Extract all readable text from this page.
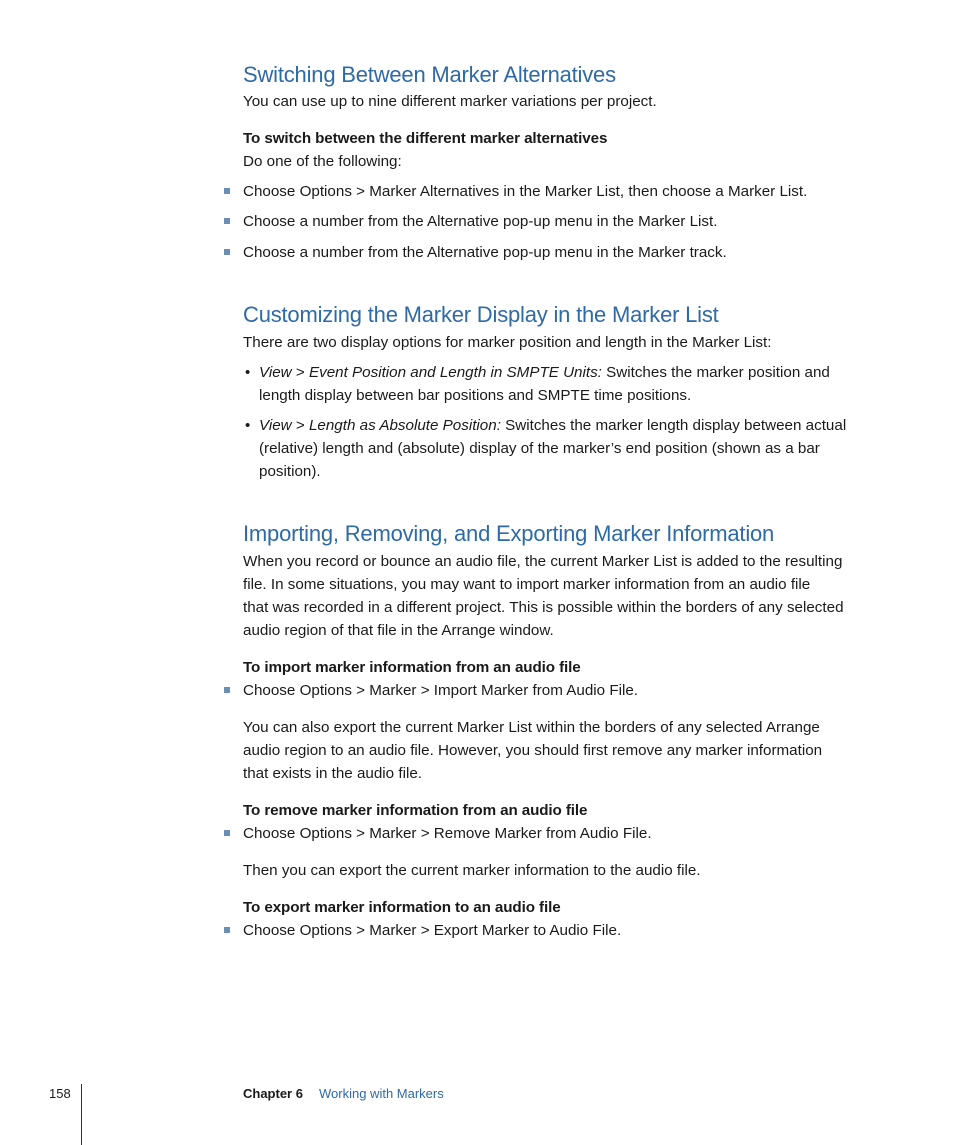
Switching Between Marker Alternatives

You can use up to nine different marker variations per project.

To switch between the different marker alternatives

Do one of the following:

Choose Options > Marker Alternatives in the Marker List, then choose a Marker List.

Choose a number from the Alternative pop-up menu in the Marker List.

Choose a number from the Alternative pop-up menu in the Marker track.

Customizing the Marker Display in the Marker List

There are two display options for marker position and length in the Marker List:

• View > Event Position and Length in SMPTE Units: Switches the marker position and

length display between bar positions and SMPTE time positions.

• View > Length as Absolute Position: Switches the marker length display between actual

(relative) length and (absolute) display of the marker’s end position (shown as a bar

position).

Importing, Removing, and Exporting Marker Information

When you record or bounce an audio file, the current Marker List is added to the resulting

file. In some situations, you may want to import marker information from an audio file

that was recorded in a different project. This is possible within the borders of any selected

audio region of that file in the Arrange window.

To import marker information from an audio file

Choose Options > Marker > Import Marker from Audio File.

You can also export the current Marker List within the borders of any selected Arrange

audio region to an audio file. However, you should first remove any marker information

that exists in the audio file.

To remove marker information from an audio file

Choose Options > Marker > Remove Marker from Audio File.

Then you can export the current marker information to the audio file.

To export marker information to an audio file

Choose Options > Marker > Export Marker to Audio File.

158	Chapter 6 Working with Markers
